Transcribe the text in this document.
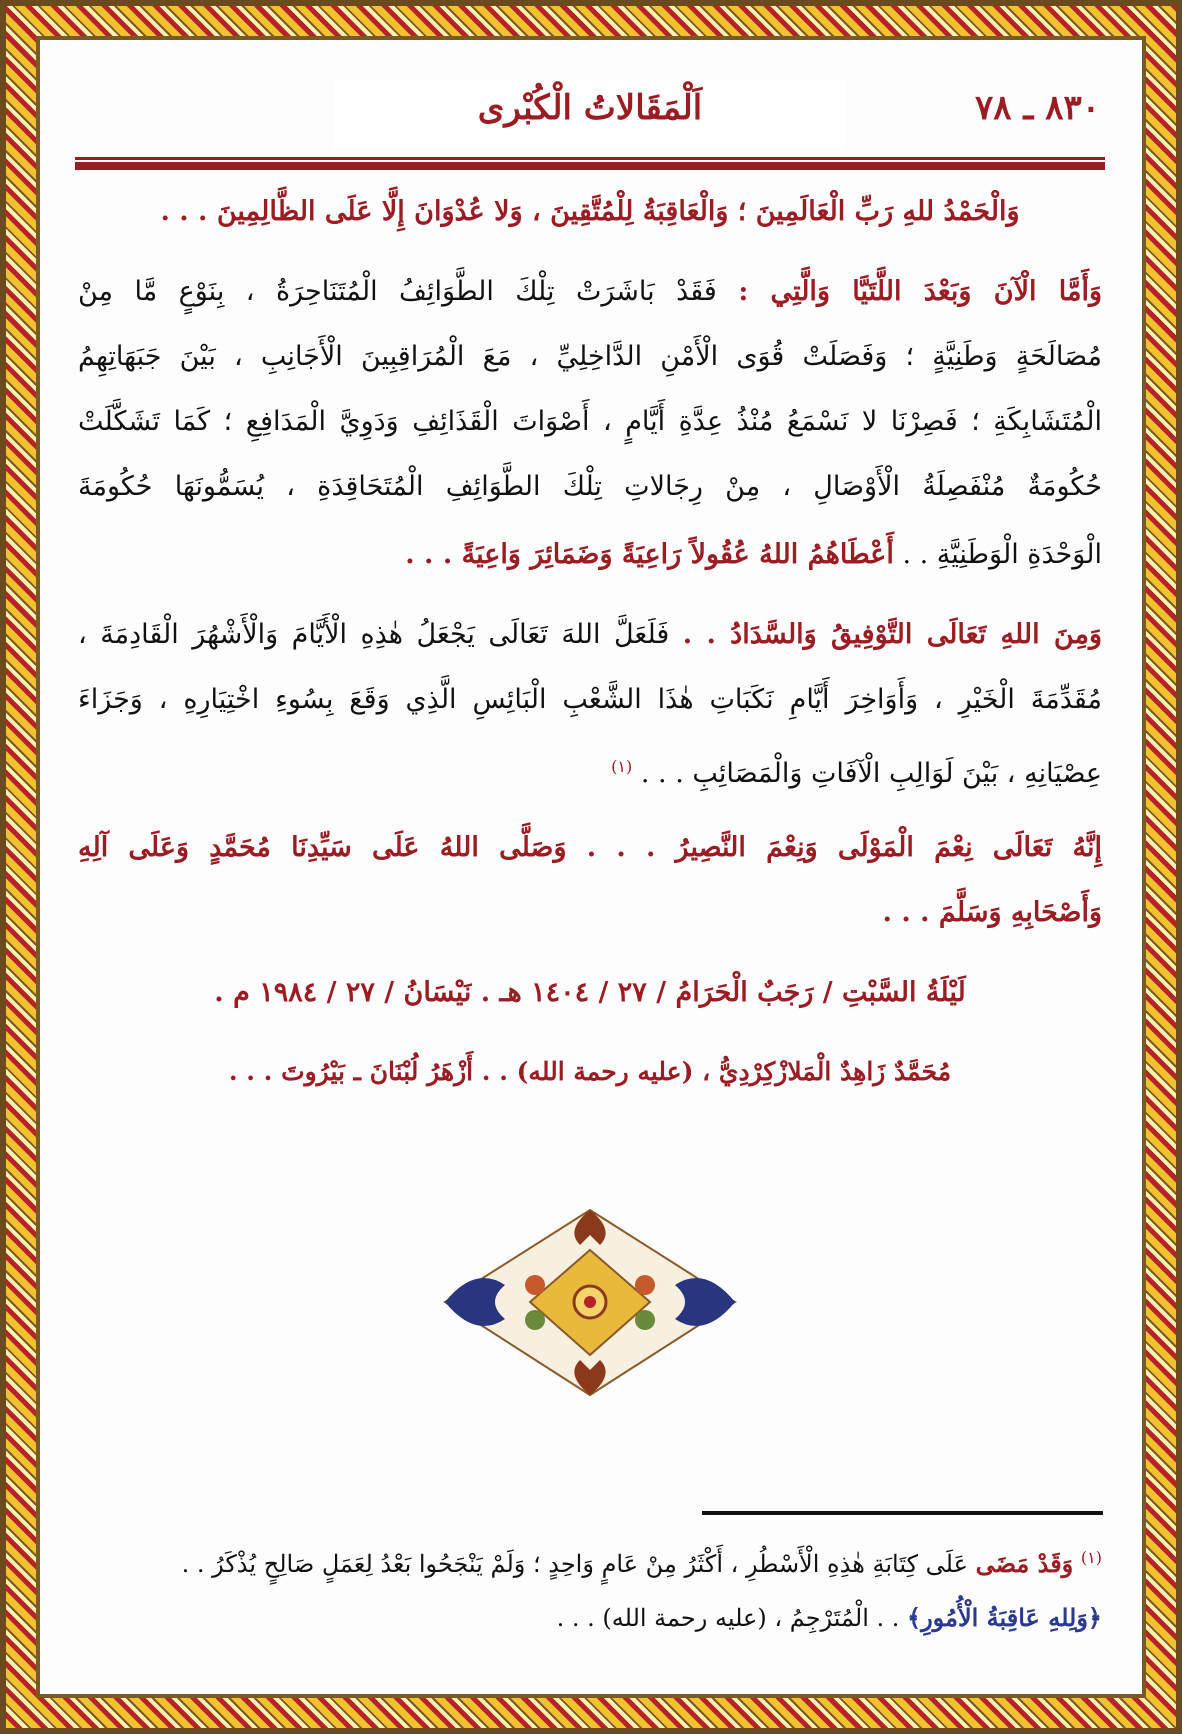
اَلْمَقَالاتُ الْكُبْرى	٨٣٠ ـ ٧٨
وَالْحَمْدُ للهِ رَبِّ الْعَالَمِينَ ؛ وَالْعَاقِبَةُ لِلْمُتَّقِينَ ، وَلا عُدْوَانَ إِلَّا عَلَى الظَّالِمِينَ . . .
وَأَمَّا الْآنَ وَبَعْدَ اللَّتَيَّا وَالَّتِي : فَقَدْ بَاشَرَتْ تِلْكَ الطَّوَائِفُ الْمُتَنَاحِرَةُ ، بِنَوْعٍ مَّا مِنْ
مُصَالَحَةٍ وَطَنِيَّةٍ ؛ وَفَصَلَتْ قُوَى الْأَمْنِ الدَّاخِلِيِّ ، مَعَ الْمُرَاقِبِينَ الْأَجَانِبِ ، بَيْنَ جَبَهَاتِهِمُ
الْمُتَشَابِكَةِ ؛ فَصِرْنَا لا نَسْمَعُ مُنْذُ عِدَّةِ أَيَّامٍ ، أَصْوَاتَ الْقَذَائِفِ وَدَوِيَّ الْمَدَافِعِ ؛ كَمَا تَشَكَّلَتْ
حُكُومَةٌ مُنْفَصِلَةُ الْأَوْصَالِ ، مِنْ رِجَالاتِ تِلْكَ الطَّوَائِفِ الْمُتَحَاقِدَةِ ، يُسَمُّونَهَا حُكُومَةَ
الْوَحْدَةِ الْوَطَنِيَّةِ . . أَعْطَاهُمُ اللهُ عُقُولاً رَاعِيَةً وَضَمَائِرَ وَاعِيَةً . . .
وَمِنَ اللهِ تَعَالَى التَّوْفِيقُ وَالسَّدَادُ . . فَلَعَلَّ اللهَ تَعَالَى يَجْعَلُ هٰذِهِ الْأَيَّامَ وَالْأَشْهُرَ الْقَادِمَةَ ،
مُقَدِّمَةَ الْخَيْرِ ، وَأَوَاخِرَ أَيَّامِ نَكَبَاتِ هٰذَا الشَّعْبِ الْبَائِسِ الَّذِي وَقَعَ بِسُوءِ اخْتِيَارِهِ ، وَجَزَاءَ
عِصْيَانِهِ ، بَيْنَ لَوَالِبِ الْآفَاتِ وَالْمَصَائِبِ . . . $^{(١)}$
إِنَّهُ تَعَالَى نِعْمَ الْمَوْلَى وَنِعْمَ النَّصِيرُ . . . وَصَلَّى اللهُ عَلَى سَيِّدِنَا مُحَمَّدٍ وَعَلَى آلِهِ
وَأَصْحَابِهِ وَسَلَّمَ . . .
لَيْلَةُ السَّبْتِ / رَجَبٌ الْحَرَامُ / ٢٧ / ١٤٠٤ هـ . نَيْسَانُ / ٢٧ / ١٩٨٤ م .
مُحَمَّدٌ زَاهِدٌ الْمَلازْكِرْدِيُّ ، (عليه رحمة الله) . . أَزْهَرُ لُبْنَانَ ـ بَيْرُوتَ . . .
$^{(١)}$ وَقَدْ مَضَى عَلَى كِتَابَةِ هٰذِهِ الْأَسْطُرِ ، أَكْثَرُ مِنْ عَامٍ وَاحِدٍ ؛ وَلَمْ يَنْجَحُوا بَعْدُ لِعَمَلٍ صَالِحٍ يُذْكَرُ . .
﴿وَلِلهِ عَاقِبَةُ الْأُمُورِ﴾ . . الْمُتَرْجِمُ ، (عليه رحمة الله) . . .
